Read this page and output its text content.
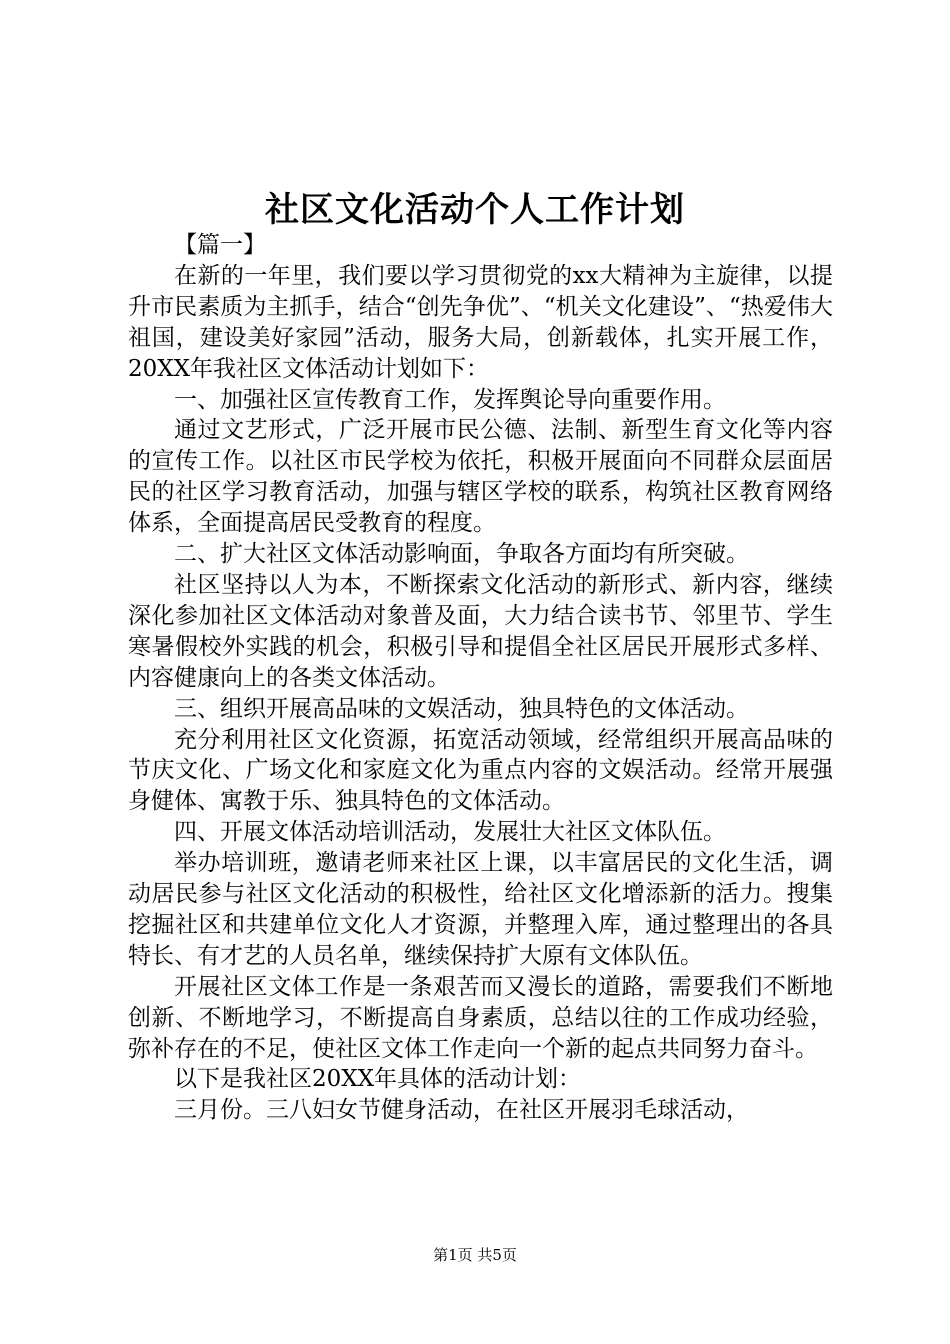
社区文化活动个人工作计划

【篇一】

在新的一年里，我们要以学习贯彻党的xx大精神为主旋律，以提升市民素质为主抓手，结合“创先争优”、“机关文化建设”、“热爱伟大祖国，建设美好家园”活动，服务大局，创新载体，扎实开展工作，20XX年我社区文体活动计划如下：

一、加强社区宣传教育工作，发挥舆论导向重要作用。

通过文艺形式，广泛开展市民公德、法制、新型生育文化等内容的宣传工作。以社区市民学校为依托，积极开展面向不同群众层面居民的社区学习教育活动，加强与辖区学校的联系，构筑社区教育网络体系，全面提高居民受教育的程度。

二、扩大社区文体活动影响面，争取各方面均有所突破。

社区坚持以人为本，不断探索文化活动的新形式、新内容，继续深化参加社区文体活动对象普及面，大力结合读书节、邻里节、学生寒暑假校外实践的机会，积极引导和提倡全社区居民开展形式多样、内容健康向上的各类文体活动。

三、组织开展高品味的文娱活动，独具特色的文体活动。

充分利用社区文化资源，拓宽活动领域，经常组织开展高品味的节庆文化、广场文化和家庭文化为重点内容的文娱活动。经常开展强身健体、寓教于乐、独具特色的文体活动。

四、开展文体活动培训活动，发展壮大社区文体队伍。

举办培训班，邀请老师来社区上课，以丰富居民的文化生活，调动居民参与社区文化活动的积极性，给社区文化增添新的活力。搜集挖掘社区和共建单位文化人才资源，并整理入库，通过整理出的各具特长、有才艺的人员名单，继续保持扩大原有文体队伍。

开展社区文体工作是一条艰苦而又漫长的道路，需要我们不断地创新、不断地学习，不断提高自身素质，总结以往的工作成功经验，弥补存在的不足，使社区文体工作走向一个新的起点共同努力奋斗。

以下是我社区20XX年具体的活动计划：

三月份。三八妇女节健身活动，在社区开展羽毛球活动，

第1页 共5页
